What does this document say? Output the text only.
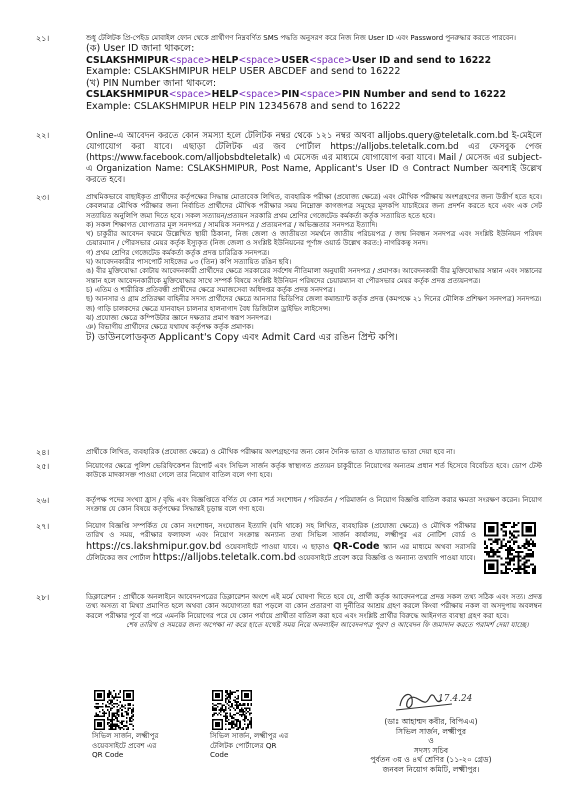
২১।	শুধু টেলিটক প্রি-পেইড মোবাইল ফোন থেকে প্রার্থীগণ নিম্নবর্ণিত SMS পদ্ধতি অনুসরণ করে নিজ নিজ User ID এবং Password পুনরুদ্ধার করতে পারবেন।
(ক) User ID জানা থাকলে:
CSLAKSHMIPUR<space>HELP<space>USER<space>User ID and send to 16222
Example: CSLAKSHMIPUR HELP USER ABCDEF and send to 16222
(খ) PIN Number জানা থাকলে:
CSLAKSHMIPUR<space>HELP<space>PIN<space>PIN Number and send to 16222
Example: CSLAKSHMIPUR HELP PIN 12345678 and send to 16222
২২।	Online-এ আবেদন করতে কোন সমস্যা হলে টেলিটক নম্বর থেকে ১২১ নম্বর অথবা alljobs.query@teletalk.com.bd ই-মেইলে যোগাযোগ করা যাবে। এছাড়া টেলিটক এর জব পোর্টাল https://alljobs.teletalk.com.bd এর ফেসবুক পেজ (https://www.facebook.com/alljobsbdteletalk) এ মেসেজ এর মাধ্যমে যোগাযোগ করা যাবে। Mail / মেসেজ এর subject-এ Organization Name: CSLAKSHMIPUR, Post Name, Applicant's User ID ও Contract Number অবশ্যই উল্লেখ করতে হবে।
২৩।	প্রাথমিকভাবে বাছাইকৃত প্রার্থীদের কর্তৃপক্ষের সিদ্ধান্ত মোতাবেক লিখিত, ব্যবহারিক পরীক্ষা (প্রযোজ্য ক্ষেত্রে) এবং মৌখিক পরীক্ষায় অংশগ্রহণের জন্য উত্তীর্ণ হতে হবে। কেবলমাত্র মৌখিক পরীক্ষার জন্য নির্বাচিত প্রার্থীদের মৌখিক পরীক্ষার সময় নিম্নোক্ত কাগজপত্র সমূহের মূলকপি যাচাইয়ের জন্য প্রদর্শন করতে হবে এবং এক সেট সত্যায়িত অনুলিপি জমা দিতে হবে। সকল সত্যায়ন/প্রত্যয়ন সরকারি প্রথম শ্রেণির গেজেটেড কর্মকর্তা কর্তৃক সত্যায়িত হতে হবে।
ক) সকল শিক্ষাগত যোগ্যতার মূল সনদপত্র / সাময়িক সনদপত্র / প্রত্যয়নপত্র / অভিজ্ঞতার সনদপত্র ইত্যাদি।
খ) চাকুরীর আবেদন ফরমে উল্লেখিত স্থায়ী ঠিকানা, নিজ জেলা ও জাতীয়তা সমর্থনে জাতীয় পরিচয়পত্র / জন্ম নিবন্ধন সনদপত্র এবং সংশ্লিষ্ট ইউনিয়ন পরিষদ চেয়ারম্যান / পৌরসভার মেয়র কর্তৃক ইস্যুকৃত (নিজ জেলা ও সংশ্লিষ্ট ইউনিয়নের পূর্ণাঙ্গ ওয়ার্ড উল্লেখ করত:) নাগরিকত্ব সনদ।
গ) প্রথম শ্রেণির গেজেটেড কর্মকর্তা কর্তৃক প্রদত্ত চারিত্রিক সনদপত্র।
ঘ) আবেদনকারীর পাসপোর্ট সাইজের ০৩ (তিন) কপি সত্যায়িত রঙিন ছবি।
ঙ) বীর মুক্তিযোদ্ধা কোটায় আবেদনকারী প্রার্থীদের ক্ষেত্রে সরকারের সর্বশেষ নীতিমালা অনুযায়ী সনদপত্র / প্রমাণক। আবেদনকারী বীর মুক্তিযোদ্ধার সন্তান এবং সন্তানের সন্তান হলে আবেদনকারীকে মুক্তিযোদ্ধার সাথে সম্পর্ক বিষয়ে সংশ্লিষ্ট ইউনিয়ন পরিষদের চেয়ারম্যান বা পৌরসভার মেয়র কর্তৃক প্রদত্ত প্রত্যয়নপত্র।
চ) এতিম ও শারীরিক প্রতিবন্ধী প্রার্থীদের ক্ষেত্রে সমাজসেবা অধিদপ্তর কর্তৃক প্রদত্ত সনদপত্র।
ছ) আনসার ও গ্রাম প্রতিরক্ষা বাহিনীর সদস্য প্রার্থীদের ক্ষেত্রে আনসার ভিডিপির জেলা কমান্ড্যান্ট কর্তৃক প্রদত্ত (কমপক্ষে ২১ দিনের মৌলিক প্রশিক্ষণ সনদপত্র) সনদপত্র।
জ) গাড়ি চালকদের ক্ষেত্রে যানবাহন চালনার হালনাগাদ বৈধ ডিজিটাল ড্রাইভিং লাইসেন্স।
ঝ) প্রযোজ্য ক্ষেত্রে কম্পিউটার জ্ঞানে দক্ষতার প্রমাণ স্বরূপ সনদপত্র।
ঞ) বিভাগীয় প্রার্থীদের ক্ষেত্রে যথাযথ কর্তৃপক্ষ কর্তৃক প্রমাণক।
ট) ডাউনলোডকৃত Applicant's Copy এবং Admit Card এর রঙিন প্রিন্ট কপি।
২৪।	প্রার্থীকে লিখিত, ব্যবহারিক (প্রযোজ্য ক্ষেত্রে) ও মৌখিক পরীক্ষায় অংশগ্রহণের জন্য কোন দৈনিক ভাতা ও যাতায়াত ভাতা দেয়া হবে না।
২৫।	নিয়োগের ক্ষেত্রে পুলিশ ভেরিফিকেশন রিপোর্ট এবং সিভিল সার্জন কর্তৃক স্বাস্থ্যগত প্রত্যয়ন চাকুরীতে নিয়োগের অন্যতম প্রধান শর্ত হিসেবে বিবেচিত হবে। ডোপ টেস্ট কাউকে মাদকাসক্ত পাওয়া গেলে তার নিয়োগ বাতিল বলে গণ্য হবে।
২৬।	কর্তৃপক্ষ পদের সংখ্যা হ্রাস / বৃদ্ধি এবং বিজ্ঞপ্তিতে বর্ণিত যে কোন শর্ত সংশোধন / পরিবর্তন / পরিমার্জন ও নিয়োগ বিজ্ঞপ্তি বাতিল করার ক্ষমতা সংরক্ষণ করেন। নিয়োগ সংক্রান্ত যে কোন বিষয়ে কর্তৃপক্ষের সিদ্ধান্তই চূড়ান্ত বলে গণ্য হবে।
২৭।	নিয়োগ বিজ্ঞপ্তি সম্পর্কিত যে কোন সংশোধন, সংযোজন ইত্যাদি (যদি থাকে) সহ লিখিত, ব্যবহারিক (প্রযোজ্য ক্ষেত্রে) ও মৌখিক পরীক্ষার তারিখ ও সময়, পরীক্ষার ফলাফল এবং নিয়োগ সংক্রান্ত অন্যান্য তথ্য সিভিল সার্জন কার্যালয়, লক্ষ্মীপুর এর নোটিশ বোর্ড ও https://cs.lakshmipur.gov.bd ওয়েবসাইটে পাওয়া যাবে। এ ছাড়াও QR-Code স্ক্যান এর মাধ্যমে অথবা সরাসরি টেলিটকের জব পোর্টাল https://alljobs.teletalk.com.bd ওয়েবসাইটে প্রবেশ করে বিজ্ঞপ্তি ও অন্যান্য তথ্যাদি পাওয়া যাবে।
২৮।	ডিক্লারেশন : প্রার্থীকে অনলাইনে আবেদনপত্রের ডিক্লারেশন অংশে এই মর্মে ঘোষণা দিতে হবে যে, প্রার্থী কর্তৃক আবেদনপত্রে প্রদত্ত সকল তথ্য সঠিক এবং সত্য। প্রদত্ত তথ্য অসত্য বা মিথ্যা প্রমাণিত হলে অথবা কোন অযোগ্যতা ধরা পড়লে বা কোন প্রতারণা বা দুর্নীতির আশ্রয় গ্রহণ করলে কিংবা পরীক্ষায় নকল বা অসদুপায় অবলম্বন করলে পরীক্ষার পূর্বে বা পরে এমনকি নিয়োগের পরে যে কোন পর্যায়ে প্রার্থীতা বাতিল করা হবে এবং সংশ্লিষ্ট প্রার্থীর বিরুদ্ধে আইনগত ব্যবস্থা গ্রহণ করা হবে।
শেষ তারিখ ও সময়ের জন্য অপেক্ষা না করে হাতে যথেষ্ট সময় নিয়ে অনলাইন আবেদনপত্র পূরণ ও আবেদন ফি জমাদান করতে পরামর্শ দেয়া যাচ্ছে।
সিভিল সার্জন, লক্ষ্মীপুর
ওয়েবসাইটে প্রবেশ এর
QR Code
সিভিল সার্জন, লক্ষ্মীপুর এর
টেলিটক পোর্টালের QR
Code
17.4.24
(ডাঃ আহাম্মদ কবীর, বিপিএএ)
সিভিল সার্জন, লক্ষ্মীপুর
ও
সদস্য সচিব
পুর্বতন ৩য় ও ৪র্থ শ্রেণির (১১-২০ গ্রেড)
জনবল নিয়োগ কমিটি, লক্ষ্মীপুর।
